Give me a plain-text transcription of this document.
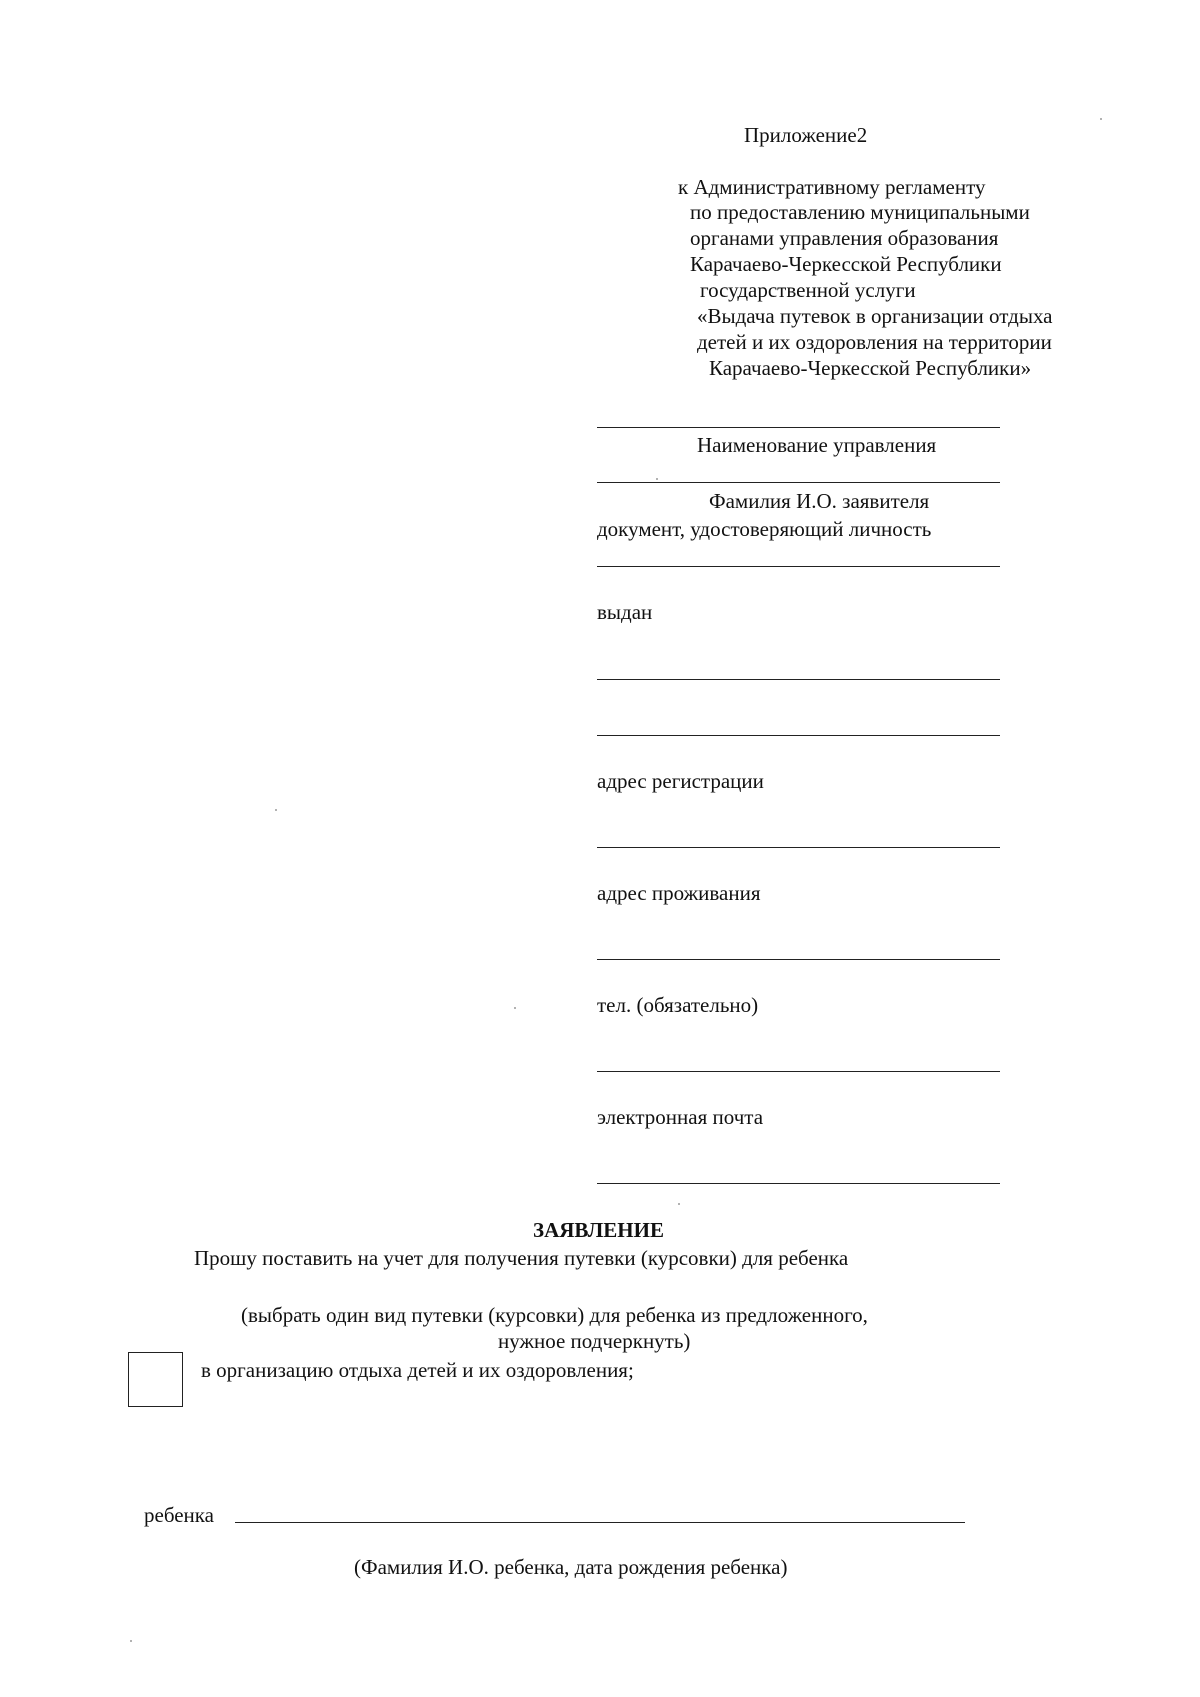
Приложение2
к Административному регламенту
по предоставлению муниципальными
органами управления образования
Карачаево-Черкесской Республики
государственной услуги
«Выдача путевок в организации отдыха
детей и их оздоровления на территории
Карачаево-Черкесской Республики»
Наименование управления
Фамилия И.О. заявителя
документ, удостоверяющий личность
выдан
адрес регистрации
адрес проживания
тел. (обязательно)
электронная почта
ЗАЯВЛЕНИЕ
Прошу поставить на учет для получения путевки (курсовки) для ребенка
(выбрать один вид путевки (курсовки) для ребенка из предложенного,
нужное подчеркнуть)
в организацию отдыха детей и их оздоровления;
ребенка
(Фамилия И.О. ребенка, дата рождения ребенка)
